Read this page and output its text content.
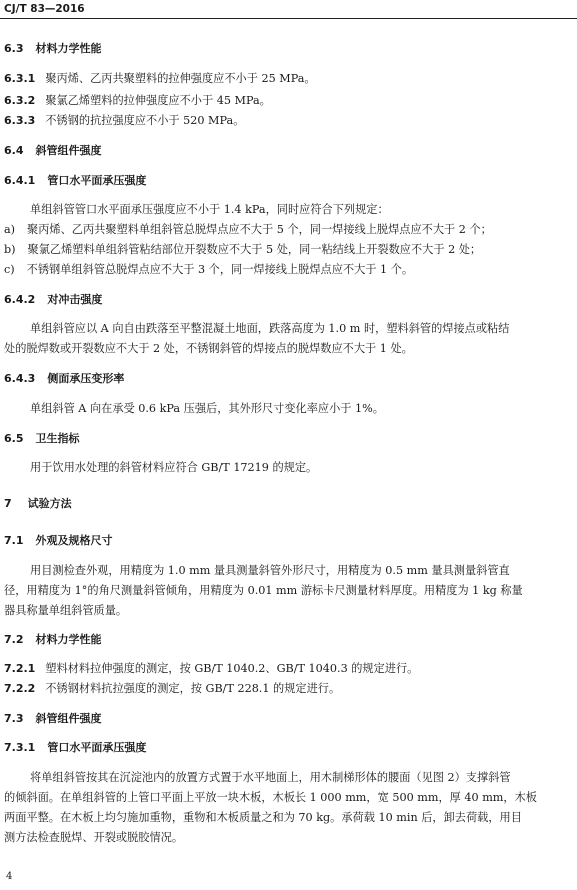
CJ/T 83—2016
6.3 材料力学性能
6.3.1 聚丙烯、乙丙共聚塑料的拉伸强度应不小于 25 MPa。
6.3.2 聚氯乙烯塑料的拉伸强度应不小于 45 MPa。
6.3.3 不锈钢的抗拉强度应不小于 520 MPa。
6.4 斜管组件强度
6.4.1 管口水平面承压强度
单组斜管管口水平面承压强度应不小于 1.4 kPa，同时应符合下列规定：
a) 聚丙烯、乙丙共聚塑料单组斜管总脱焊点应不大于 5 个，同一焊接线上脱焊点应不大于 2 个；
b) 聚氯乙烯塑料单组斜管粘结部位开裂数应不大于 5 处，同一粘结线上开裂数应不大于 2 处；
c) 不锈钢单组斜管总脱焊点应不大于 3 个，同一焊接线上脱焊点应不大于 1 个。
6.4.2 对冲击强度
单组斜管应以 A 向自由跌落至平整混凝土地面，跌落高度为 1.0 m 时，塑料斜管的焊接点或粘结
处的脱焊数或开裂数应不大于 2 处，不锈钢斜管的焊接点的脱焊数应不大于 1 处。
6.4.3 侧面承压变形率
单组斜管 A 向在承受 0.6 kPa 压强后，其外形尺寸变化率应小于 1%。
6.5 卫生指标
用于饮用水处理的斜管材料应符合 GB/T 17219 的规定。
7 试验方法
7.1 外观及规格尺寸
用目测检查外观，用精度为 1.0 mm 量具测量斜管外形尺寸，用精度为 0.5 mm 量具测量斜管直
径，用精度为 1°的角尺测量斜管倾角，用精度为 0.01 mm 游标卡尺测量材料厚度。用精度为 1 kg 称量
器具称量单组斜管质量。
7.2 材料力学性能
7.2.1 塑料材料拉伸强度的测定，按 GB/T 1040.2、GB/T 1040.3 的规定进行。
7.2.2 不锈钢材料抗拉强度的测定，按 GB/T 228.1 的规定进行。
7.3 斜管组件强度
7.3.1 管口水平面承压强度
将单组斜管按其在沉淀池内的放置方式置于水平地面上，用木制梯形体的腰面（见图 2）支撑斜管
的倾斜面。在单组斜管的上管口平面上平放一块木板，木板长 1 000 mm，宽 500 mm，厚 40 mm，木板
两面平整。在木板上均匀施加重物，重物和木板质量之和为 70 kg。承荷载 10 min 后，卸去荷载，用目
测方法检查脱焊、开裂或脱胶情况。
4
